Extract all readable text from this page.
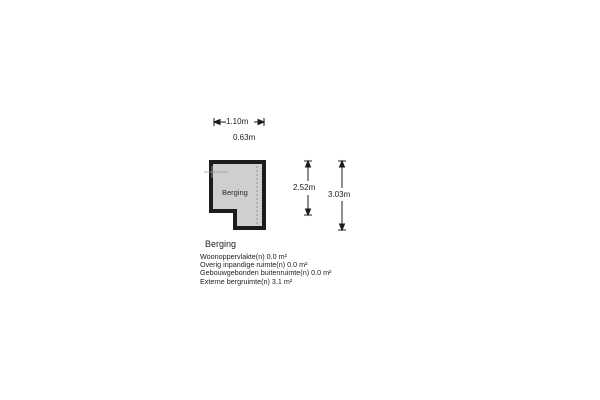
1.10m
0.63m
2.52m
3.03m
Berging
Berging
Woonoppervlakte(n) 0.0 m²
Overig inpandige ruimte(n) 0.0 m²
Gebouwgebonden buitenruimte(n) 0.0 m²
Externe bergruimte(n) 3.1 m²
